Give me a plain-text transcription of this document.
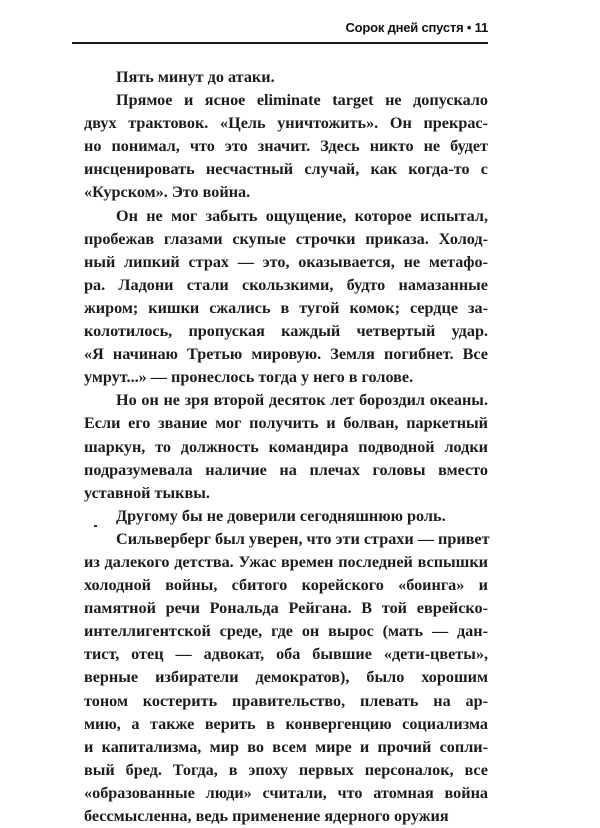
Сорок дней спустя • 11
Пять минут до атаки.
Прямое и ясное eliminate target не допускало
двух трактовок. «Цель уничтожить». Он прекрас-
но понимал, что это значит. Здесь никто не будет
инсценировать несчастный случай, как когда-то с
«Курском». Это война.
Он не мог забыть ощущение, которое испытал,
пробежав глазами скупые строчки приказа. Холод-
ный липкий страх — это, оказывается, не метафо-
ра. Ладони стали скользкими, будто намазанные
жиром; кишки сжались в тугой комок; сердце за-
колотилось, пропуская каждый четвертый удар.
«Я начинаю Третью мировую. Земля погибнет. Все
умрут...» — пронеслось тогда у него в голове.
Но он не зря второй десяток лет бороздил океаны.
Если его звание мог получить и болван, паркетный
шаркун, то должность командира подводной лодки
подразумевала наличие на плечах головы вместо
уставной тыквы.
Другому бы не доверили сегодняшнюю роль.
Сильверберг был уверен, что эти страхи — привет
из далекого детства. Ужас времен последней вспышки
холодной войны, сбитого корейского «боинга» и
памятной речи Рональда Рейгана. В той еврейско-
интеллигентской среде, где он вырос (мать — дан-
тист, отец — адвокат, оба бывшие «дети-цветы»,
верные избиратели демократов), было хорошим
тоном костерить правительство, плевать на ар-
мию, а также верить в конвергенцию социализма
и капитализма, мир во всем мире и прочий сопли-
вый бред. Тогда, в эпоху первых персоналок, все
«образованные люди» считали, что атомная война
бессмысленна, ведь применение ядерного оружия
